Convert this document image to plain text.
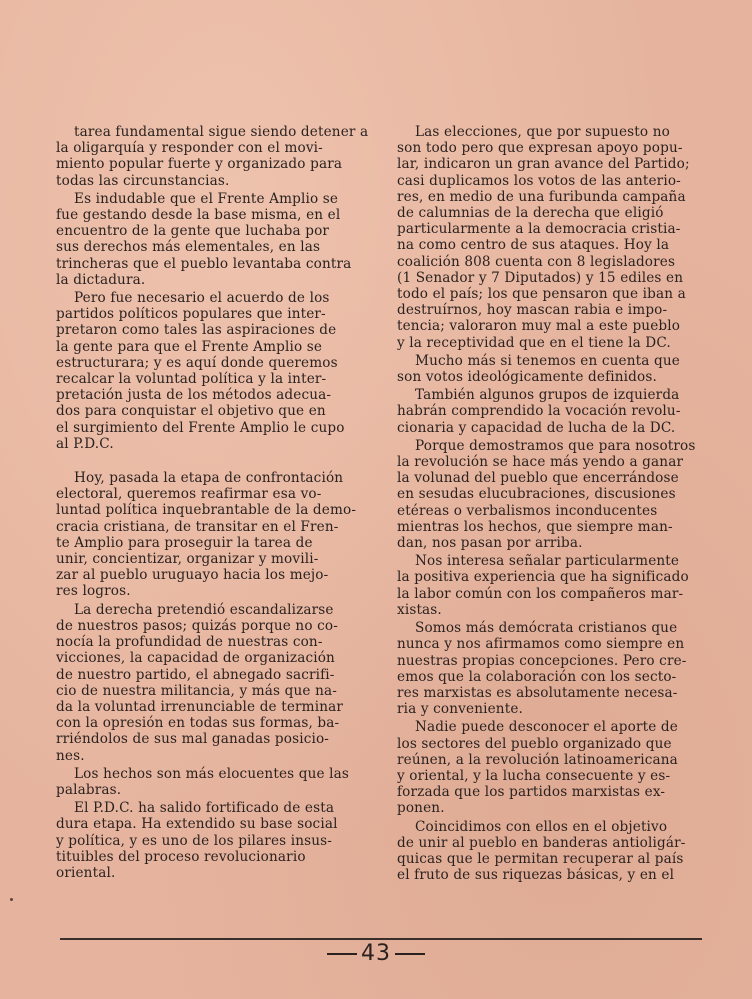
tarea fundamental sigue siendo detener a
la oligarquía y responder con el movi-
miento popular fuerte y organizado para
todas las circunstancias.

Es indudable que el Frente Amplio se
fue gestando desde la base misma, en el
encuentro de la gente que luchaba por
sus derechos más elementales, en las
trincheras que el pueblo levantaba contra
la dictadura.

Pero fue necesario el acuerdo de los
partidos políticos populares que inter-
pretaron como tales las aspiraciones de
la gente para que el Frente Amplio se
estructurara; y es aquí donde queremos
recalcar la voluntad política y la inter-
pretación justa de los métodos adecua-
dos para conquistar el objetivo que en
el surgimiento del Frente Amplio le cupo
al P.D.C.

Hoy, pasada la etapa de confrontación
electoral, queremos reafirmar esa vo-
luntad política inquebrantable de la demo-
cracia cristiana, de transitar en el Fren-
te Amplio para proseguir la tarea de
unir, concientizar, organizar y movili-
zar al pueblo uruguayo hacia los mejo-
res logros.

La derecha pretendió escandalizarse
de nuestros pasos; quizás porque no co-
nocía la profundidad de nuestras con-
vicciones, la capacidad de organización
de nuestro partido, el abnegado sacrifi-
cio de nuestra militancia, y más que na-
da la voluntad irrenunciable de terminar
con la opresión en todas sus formas, ba-
rriéndolos de sus mal ganadas posicio-
nes.

Los hechos son más elocuentes que las
palabras.

El P.D.C. ha salido fortificado de esta
dura etapa. Ha extendido su base social
y política, y es uno de los pilares insus-
tituibles del proceso revolucionario
oriental.

Las elecciones, que por supuesto no
son todo pero que expresan apoyo popu-
lar, indicaron un gran avance del Partido;
casi duplicamos los votos de las anterio-
res, en medio de una furibunda campaña
de calumnias de la derecha que eligió
particularmente a la democracia cristia-
na como centro de sus ataques. Hoy la
coalición 808 cuenta con 8 legisladores
(1 Senador y 7 Diputados) y 15 ediles en
todo el país; los que pensaron que iban a
destruírnos, hoy mascan rabia e impo-
tencia; valoraron muy mal a este pueblo
y la receptividad que en el tiene la DC.

Mucho más si tenemos en cuenta que
son votos ideológicamente definidos.

También algunos grupos de izquierda
habrán comprendido la vocación revolu-
cionaria y capacidad de lucha de la DC.

Porque demostramos que para nosotros
la revolución se hace más yendo a ganar
la volunad del pueblo que encerrándose
en sesudas elucubraciones, discusiones
etéreas o verbalismos inconducentes
mientras los hechos, que siempre man-
dan, nos pasan por arriba.

Nos interesa señalar particularmente
la positiva experiencia que ha significado
la labor común con los compañeros mar-
xistas.

Somos más demócrata cristianos que
nunca y nos afirmamos como siempre en
nuestras propias concepciones. Pero cre-
emos que la colaboración con los secto-
res marxistas es absolutamente necesa-
ria y conveniente.

Nadie puede desconocer el aporte de
los sectores del pueblo organizado que
reúnen, a la revolución latinoamericana
y oriental, y la lucha consecuente y es-
forzada que los partidos marxistas ex-
ponen.

Coincidimos con ellos en el objetivo
de unir al pueblo en banderas antioligár-
quicas que le permitan recuperar al país
el fruto de sus riquezas básicas, y en el

43
